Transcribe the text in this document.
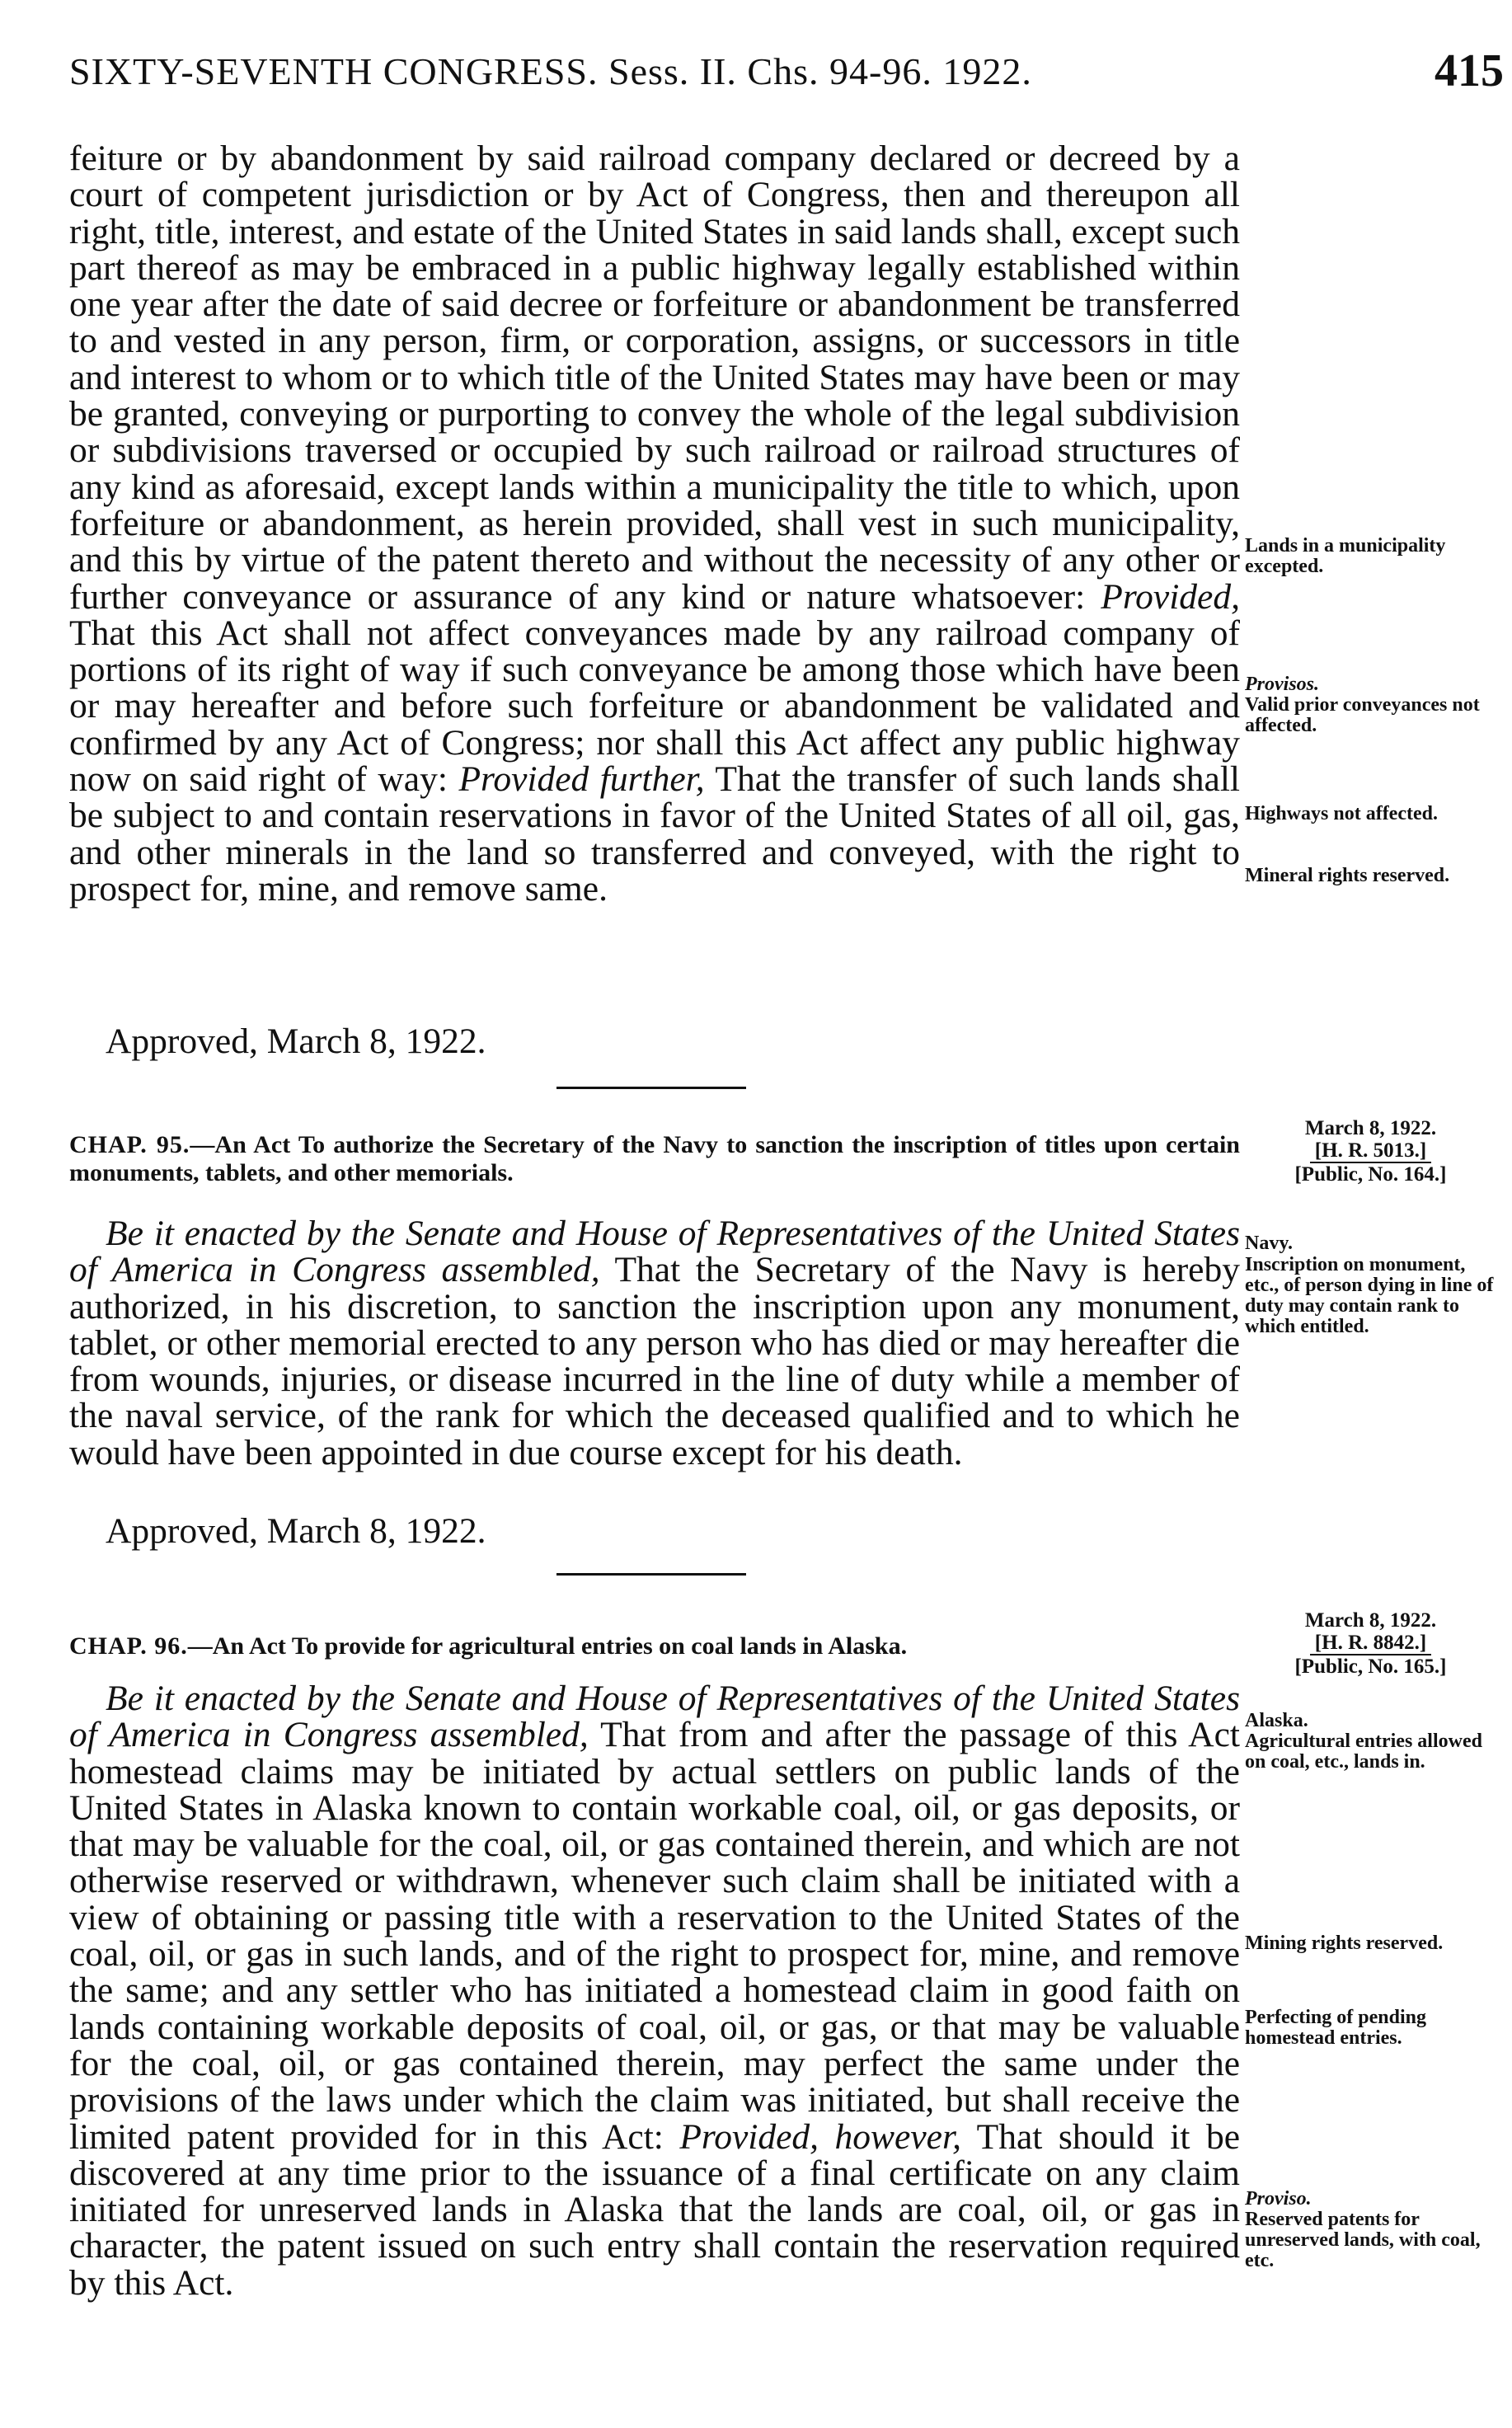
SIXTY-SEVENTH CONGRESS. Sess. II. Chs. 94-96. 1922.	415

feiture or by abandonment by said railroad company declared or decreed by a court of competent jurisdiction or by Act of Congress, then and thereupon all right, title, interest, and estate of the United States in said lands shall, except such part thereof as may be embraced in a public highway legally established within one year after the date of said decree or forfeiture or abandonment be transferred to and vested in any person, firm, or corporation, assigns, or successors in title and interest to whom or to which title of the United States may have been or may be granted, conveying or purporting to convey the whole of the legal subdivision or subdivisions traversed or occupied by such railroad or railroad structures of any kind as aforesaid, except lands within a municipality the title to which, upon forfeiture or abandonment, as herein provided, shall vest in such municipality, and this by virtue of the patent thereto and without the necessity of any other or further conveyance or assurance of any kind or nature whatsoever: Provided, That this Act shall not affect conveyances made by any railroad company of portions of its right of way if such conveyance be among those which have been or may hereafter and before such forfeiture or abandonment be validated and confirmed by any Act of Congress; nor shall this Act affect any public highway now on said right of way: Provided further, That the transfer of such lands shall be subject to and contain reservations in favor of the United States of all oil, gas, and other minerals in the land so transferred and conveyed, with the right to prospect for, mine, and remove same.

Approved, March 8, 1922.
Lands in a municipality excepted.
Provisos.
Valid prior conveyances not affected.
Highways not affected.
Mineral rights reserved.
CHAP. 95.—An Act To authorize the Secretary of the Navy to sanction the inscription of titles upon certain monuments, tablets, and other memorials.
March 8, 1922.
[H. R. 5013.]
[Public, No. 164.]

Be it enacted by the Senate and House of Representatives of the United States of America in Congress assembled, That the Secretary of the Navy is hereby authorized, in his discretion, to sanction the inscription upon any monument, tablet, or other memorial erected to any person who has died or may hereafter die from wounds, injuries, or disease incurred in the line of duty while a member of the naval service, of the rank for which the deceased qualified and to which he would have been appointed in due course except for his death.

Approved, March 8, 1922.
Navy.
Inscription on monument, etc., of person dying in line of duty may contain rank to which entitled.
CHAP. 96.—An Act To provide for agricultural entries on coal lands in Alaska.
March 8, 1922.
[H. R. 8842.]
[Public, No. 165.]

Be it enacted by the Senate and House of Representatives of the United States of America in Congress assembled, That from and after the passage of this Act homestead claims may be initiated by actual settlers on public lands of the United States in Alaska known to contain workable coal, oil, or gas deposits, or that may be valuable for the coal, oil, or gas contained therein, and which are not otherwise reserved or withdrawn, whenever such claim shall be initiated with a view of obtaining or passing title with a reservation to the United States of the coal, oil, or gas in such lands, and of the right to prospect for, mine, and remove the same; and any settler who has initiated a homestead claim in good faith on lands containing workable deposits of coal, oil, or gas, or that may be valuable for the coal, oil, or gas contained therein, may perfect the same under the provisions of the laws under which the claim was initiated, but shall receive the limited patent provided for in this Act: Provided, however, That should it be discovered at any time prior to the issuance of a final certificate on any claim initiated for unreserved lands in Alaska that the lands are coal, oil, or gas in character, the patent issued on such entry shall contain the reservation required by this Act.

Alaska.
Agricultural entries allowed on coal, etc., lands in.
Mining rights reserved.
Perfecting of pending homestead entries.
Proviso.
Reserved patents for unreserved lands, with coal, etc.
